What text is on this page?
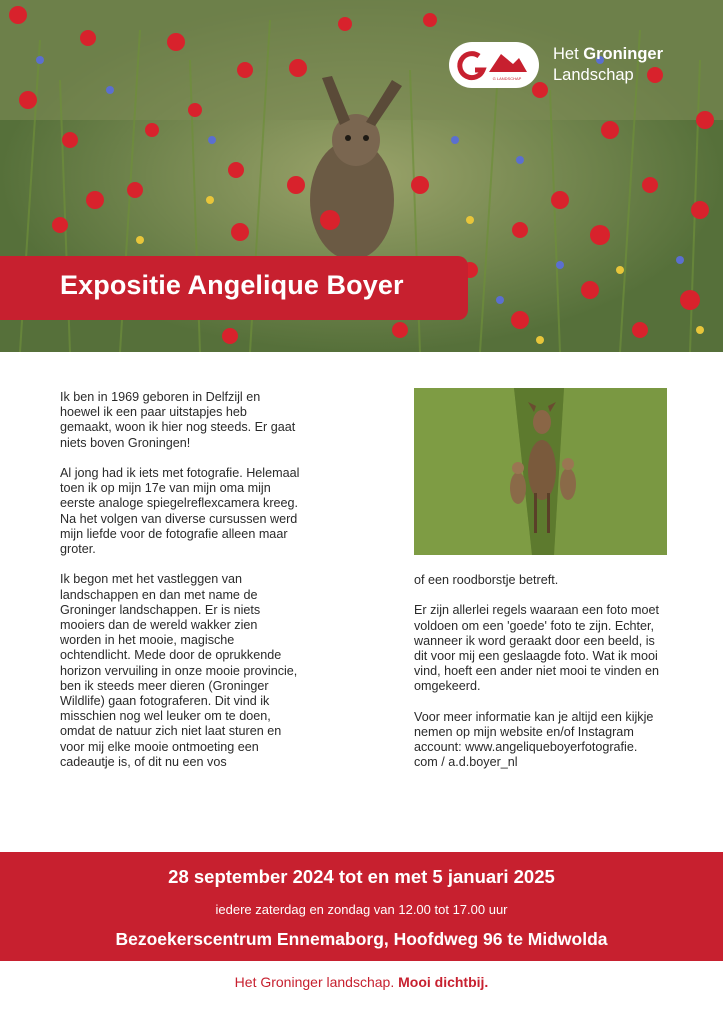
G LANDSCHAP
Het Groninger
Landschap
Expositie Angelique Boyer

Ik ben in 1969 geboren in Delfzijl en hoewel ik een paar uitstapjes heb gemaakt, woon ik hier nog steeds. Er gaat niets boven Groningen!

Al jong had ik iets met fotografie. Helemaal toen ik op mijn 17e van mijn oma mijn eerste analoge spiegelreflexcamera kreeg. Na het volgen van diverse cursussen werd mijn liefde voor de fotografie alleen maar groter.

Ik begon met het vastleggen van landschappen en dan met name de Groninger landschappen. Er is niets mooiers dan de wereld wakker zien worden in het mooie, magische ochtendlicht. Mede door de oprukkende horizon vervuiling in onze mooie provincie, ben ik steeds meer dieren (Groninger Wildlife) gaan fotograferen. Dit vind ik misschien nog wel leuker om te doen, omdat de natuur zich niet laat sturen en voor mij elke mooie ontmoeting een cadeautje is, of dit nu een vos

of een roodborstje betreft.

Er zijn allerlei regels waaraan een foto moet voldoen om een 'goede' foto te zijn. Echter, wanneer ik word geraakt door een beeld, is dit voor mij een geslaagde foto. Wat ik mooi vind, hoeft een ander niet mooi te vinden en omgekeerd.

Voor meer informatie kan je altijd een kijkje nemen op mijn website en/of Instagram account: www.angeliqueboyerfotografie. com / a.d.boyer_nl

28 september 2024 tot en met 5 januari 2025
iedere zaterdag en zondag van 12.00 tot 17.00 uur
Bezoekerscentrum Ennemaborg, Hoofdweg 96 te Midwolda
Het Groninger landschap. Mooi dichtbij.
